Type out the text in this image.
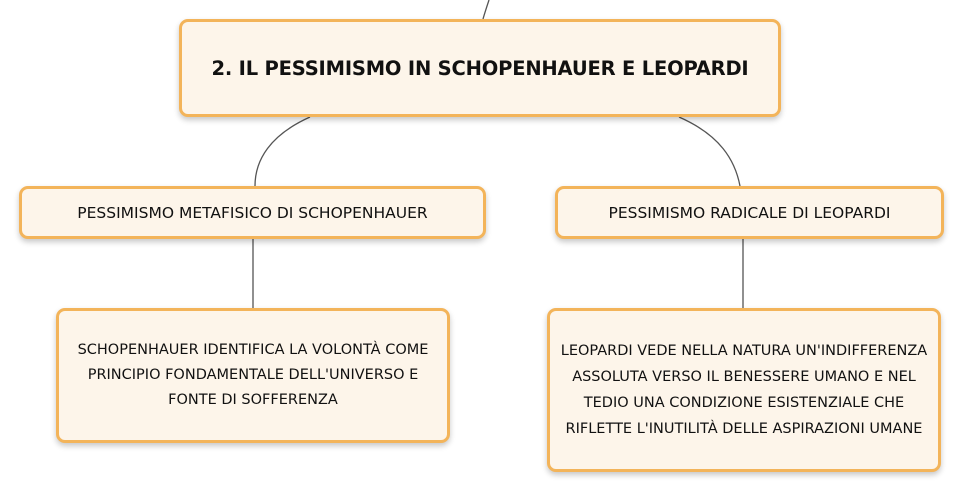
2. IL PESSIMISMO IN SCHOPENHAUER E LEOPARDI
PESSIMISMO METAFISICO DI SCHOPENHAUER	PESSIMISMO RADICALE DI LEOPARDI
SCHOPENHAUER IDENTIFICA LA VOLONTÀ COME PRINCIPIO FONDAMENTALE DELL'UNIVERSO E FONTE DI SOFFERENZA
LEOPARDI VEDE NELLA NATURA UN'INDIFFERENZA ASSOLUTA VERSO IL BENESSERE UMANO E NEL TEDIO UNA CONDIZIONE ESISTENZIALE CHE RIFLETTE L'INUTILITÀ DELLE ASPIRAZIONI UMANE
